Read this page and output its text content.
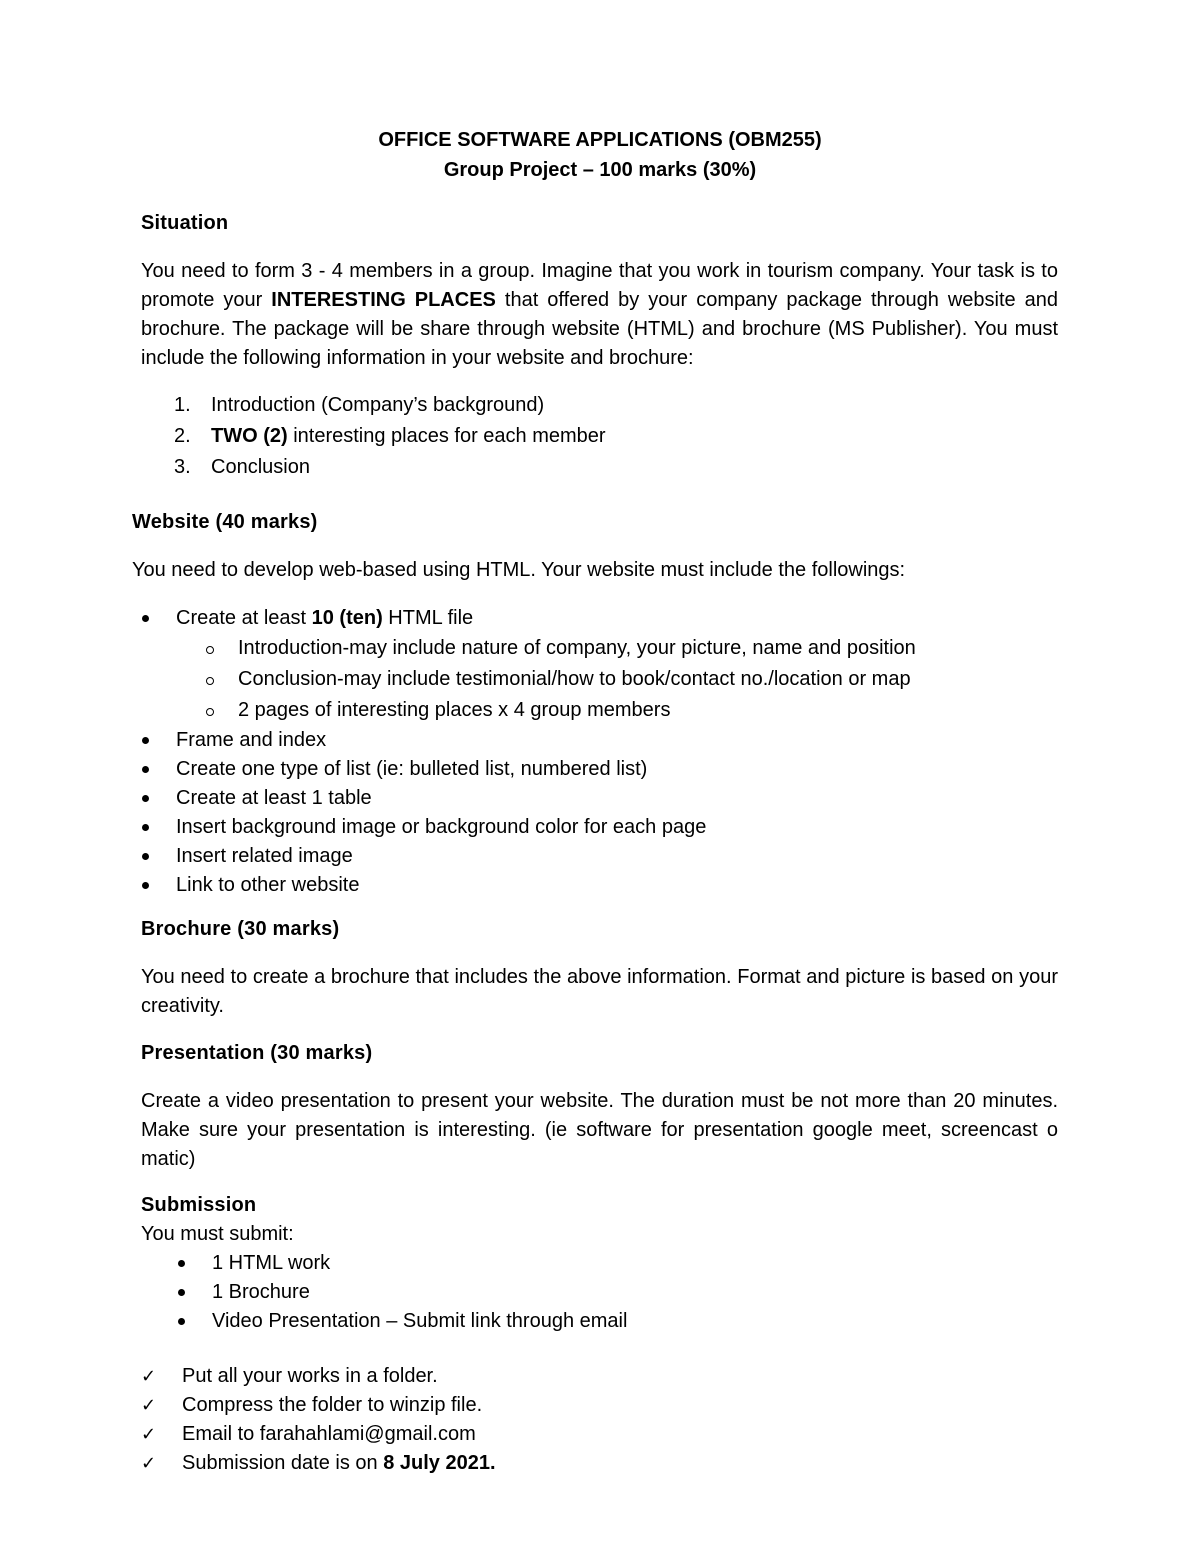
OFFICE SOFTWARE APPLICATIONS (OBM255)
Group Project – 100 marks (30%)
Situation
You need to form 3 - 4 members in a group. Imagine that you work in tourism company. Your task is to promote your INTERESTING PLACES that offered by your company package through website and brochure. The package will be share through website (HTML) and brochure (MS Publisher). You must include the following information in your website and brochure:
1. Introduction (Company’s background)
2. TWO (2) interesting places for each member
3. Conclusion
Website (40 marks)
You need to develop web-based using HTML. Your website must include the followings:
Create at least 10 (ten) HTML file
Introduction-may include nature of company, your picture, name and position
Conclusion-may include testimonial/how to book/contact no./location or map
2 pages of interesting places x 4 group members
Frame and index
Create one type of list (ie: bulleted list, numbered list)
Create at least 1 table
Insert background image or background color for each page
Insert related image
Link to other website
Brochure (30 marks)
You need to create a brochure that includes the above information. Format and picture is based on your creativity.
Presentation (30 marks)
Create a video presentation to present your website. The duration must be not more than 20 minutes. Make sure your presentation is interesting. (ie software for presentation google meet, screencast o matic)
Submission
You must submit:
1 HTML work
1 Brochure
Video Presentation – Submit link through email
✓ Put all your works in a folder.
✓ Compress the folder to winzip file.
✓ Email to farahahlami@gmail.com
✓ Submission date is on 8 July 2021.
